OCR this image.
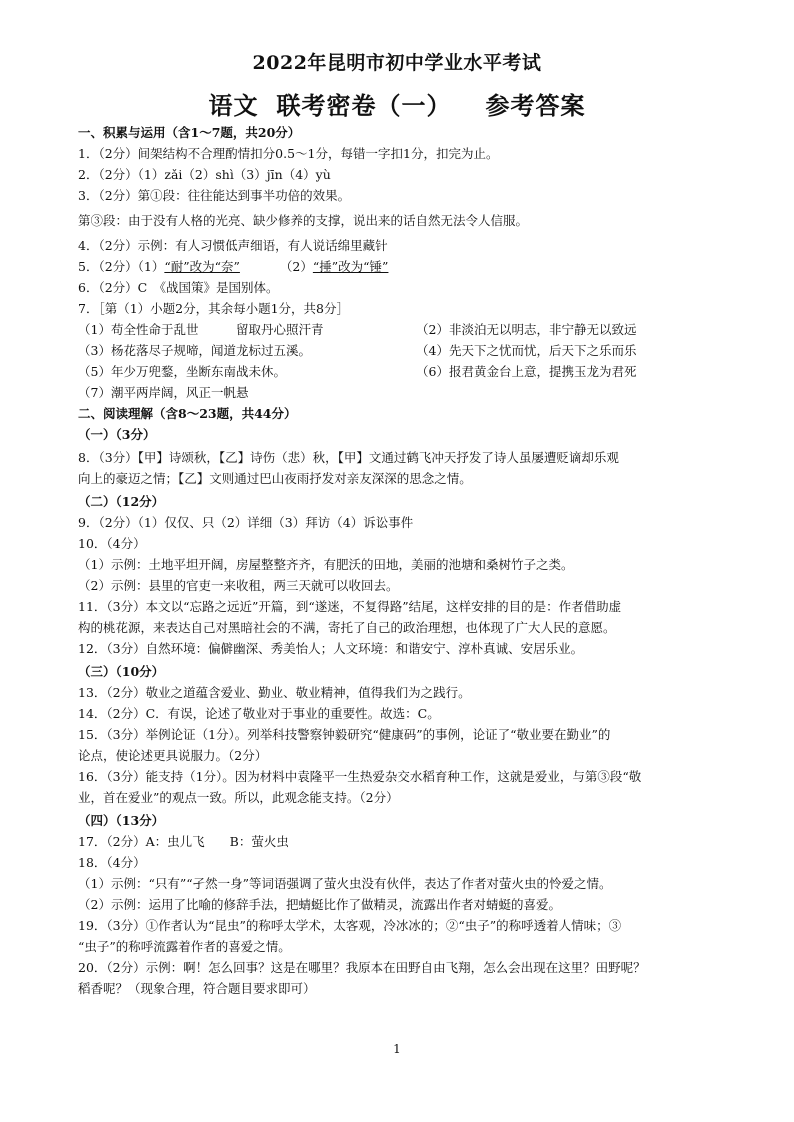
2022年昆明市初中学业水平考试
语文 联考密卷（一） 参考答案
一、积累与运用（含1～7题，共20分）
1．（2分）间架结构不合理酌情扣分0.5～1分，每错一字扣1分，扣完为止。
2．（2分）（1）zǎi（2）shì（3）jīn（4）yù
3．（2分）第①段：往往能达到事半功倍的效果。
第③段：由于没有人格的光亮、缺少修养的支撑，说出来的话自然无法令人信服。
4．（2分）示例：有人习惯低声细语，有人说话绵里藏针
5．（2分）（1）“耐”改为“奈”	（2）“捶”改为“锤”
6．（2分）C　《战国策》是国别体。
7．［第（1）小题2分，其余每小题1分，共8分］
（1）苟全性命于乱世　　　留取丹心照汗青	（2）非淡泊无以明志，非宁静无以致远
（3）杨花落尽子规啼，闻道龙标过五溪。	（4）先天下之忧而忧，后天下之乐而乐
（5）年少万兜鍪，坐断东南战未休。	（6）报君黄金台上意，提携玉龙为君死
（7）潮平两岸阔，风正一帆悬
二、阅读理解（含8～23题，共44分）
（一）（3分）
8．（3分）【甲】诗颂秋，【乙】诗伤（悲）秋，【甲】文通过鹤飞冲天抒发了诗人虽屡遭贬谪却乐观
向上的豪迈之情；【乙】文则通过巴山夜雨抒发对亲友深深的思念之情。
（二）（12分）
9．（2分）（1）仅仅、只（2）详细（3）拜访（4）诉讼事件
10．（4分）
（1）示例：土地平坦开阔，房屋整整齐齐，有肥沃的田地，美丽的池塘和桑树竹子之类。
（2）示例：县里的官吏一来收租，两三天就可以收回去。
11．（3分）本文以“忘路之远近”开篇，到“遂迷，不复得路”结尾，这样安排的目的是：作者借助虚
构的桃花源，来表达自己对黑暗社会的不满，寄托了自己的政治理想，也体现了广大人民的意愿。
12．（3分）自然环境：偏僻幽深、秀美怡人；人文环境：和谐安宁、淳朴真诚、安居乐业。
（三）（10分）
13．（2分）敬业之道蕴含爱业、勤业、敬业精神，值得我们为之践行。
14．（2分）C．有误，论述了敬业对于事业的重要性。故选：C。
15．（3分）举例论证（1分）。列举科技警察钟毅研究“健康码”的事例，论证了“敬业要在勤业”的
论点，使论述更具说服力。（2分）
16．（3分）能支持（1分）。因为材料中袁隆平一生热爱杂交水稻育种工作，这就是爱业，与第③段“敬
业，首在爱业”的观点一致。所以，此观念能支持。（2分）
（四）（13分）
17．（2分）A：虫儿飞　　B：萤火虫
18．（4分）
（1）示例：“只有”“孑然一身”等词语强调了萤火虫没有伙伴，表达了作者对萤火虫的怜爱之情。
（2）示例：运用了比喻的修辞手法，把蜻蜓比作了做精灵，流露出作者对蜻蜓的喜爱。
19．（3分）①作者认为“昆虫”的称呼太学术，太客观，冷冰冰的；②“虫子”的称呼透着人情味；③
“虫子”的称呼流露着作者的喜爱之情。
20．（2分）示例：啊！怎么回事？这是在哪里？我原本在田野自由飞翔，怎么会出现在这里？田野呢？
稻香呢？（现象合理，符合题目要求即可）
1
